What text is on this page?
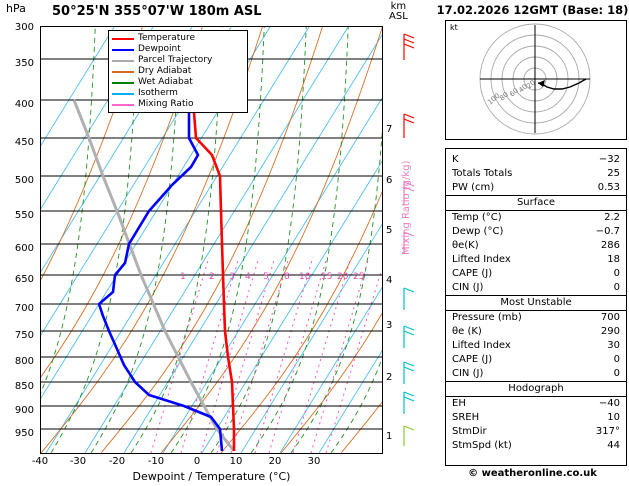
hPa 50°25'N 355°07'W 180m ASL	km
ASL
300
350
400
450
500
550
600
650
700
750
800
850
900
950	1
2
3
4
5
6
7
-40	-30	-20	-10	0	10	20	30
Dewpoint / Temperature (°C)
Mixing Ratio (g/kg)
1	2 3 4 5 8 10 15 20 25
Temperature
Dewpoint
Parcel Trajectory
Dry Adiabat
Wet Adiabat
Isotherm
Mixing Ratio
17.02.2026 12GMT (Base: 18)
kt
100
80
60
40
20
K	−32
Totals Totals	25
PW (cm)	0.53
Surface
Temp (°C)	2.2
Dewp (°C)	−0.7
θe(K)	286
Lifted Index	18
CAPE (J)	0
CIN (J)	0
Most Unstable
Pressure (mb)	700
θe (K)	290
Lifted Index	30
CAPE (J)	0
CIN (J)	0
Hodograph
EH	−40
SREH	10
StmDir	317°
StmSpd (kt)	44
© weatheronline.co.uk
